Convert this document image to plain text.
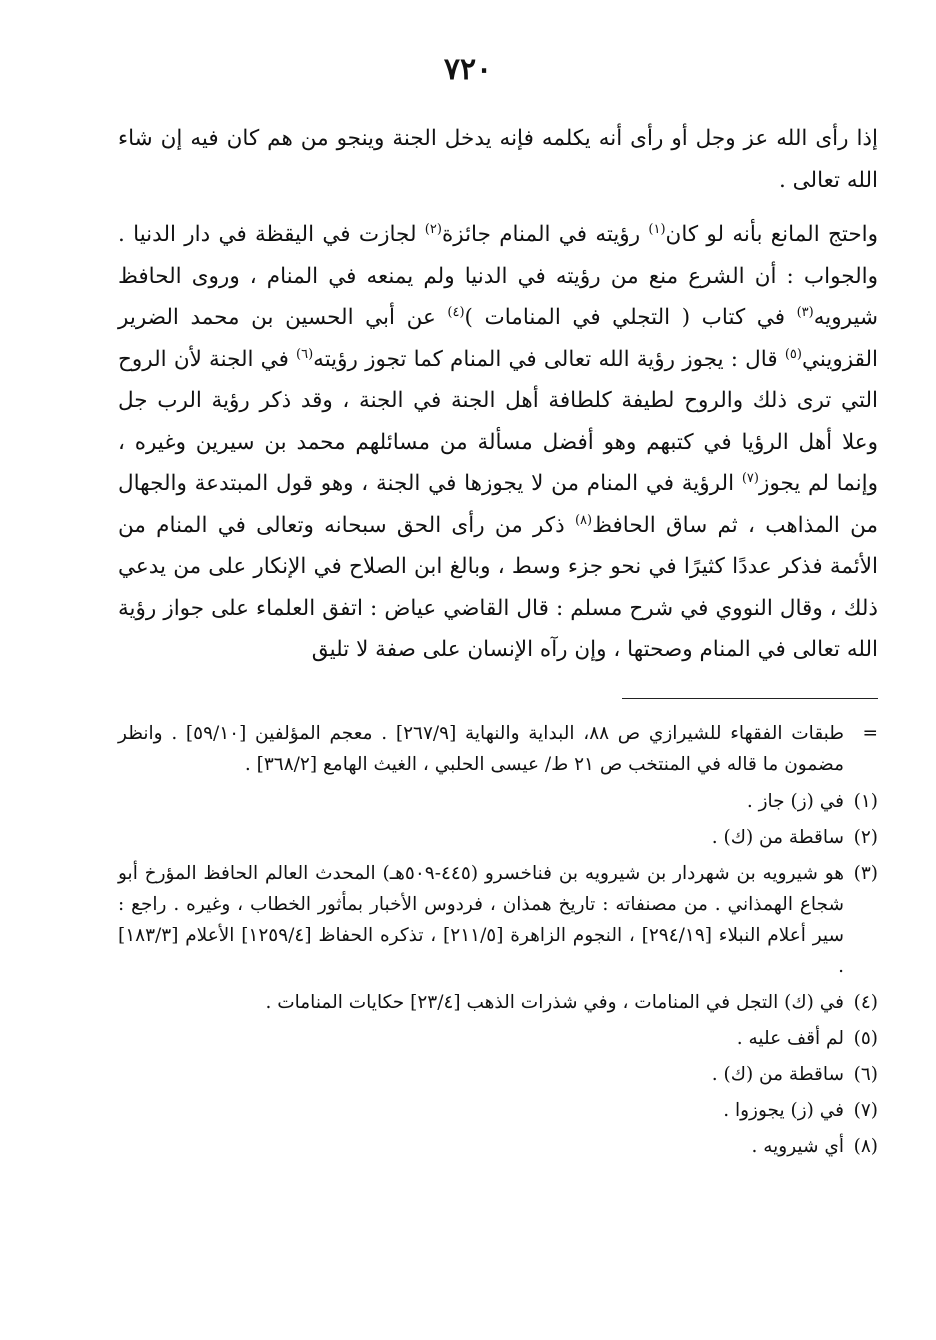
٧٢٠

إذا رأى الله عز وجل أو رأى أنه يكلمه فإنه يدخل الجنة وينجو من هم كان فيه إن شاء الله تعالى .

واحتج المانع بأنه لو كان$^{(١)}$ رؤيته في المنام جائزة$^{(٢)}$ لجازت في اليقظة في دار الدنيا . والجواب : أن الشرع منع من رؤيته في الدنيا ولم يمنعه في المنام ، وروى الحافظ شيرويه$^{(٣)}$ في كتاب ( التجلي في المنامات )$^{(٤)}$ عن أبي الحسين بن محمد الضرير القزويني$^{(٥)}$ قال : يجوز رؤية الله تعالى في المنام كما تجوز رؤيته$^{(٦)}$ في الجنة لأن الروح التي ترى ذلك والروح لطيفة كلطافة أهل الجنة في الجنة ، وقد ذكر رؤية الرب جل وعلا أهل الرؤيا في كتبهم وهو أفضل مسألة من مسائلهم محمد بن سيرين وغيره ، وإنما لم يجوز$^{(٧)}$ الرؤية في المنام من لا يجوزها في الجنة ، وهو قول المبتدعة والجهال من المذاهب ، ثم ساق الحافظ$^{(٨)}$ ذكر من رأى الحق سبحانه وتعالى في المنام من الأئمة فذكر عددًا كثيرًا في نحو جزء وسط ، وبالغ ابن الصلاح في الإنكار على من يدعي ذلك ، وقال النووي في شرح مسلم : قال القاضي عياض : اتفق العلماء على جواز رؤية الله تعالى في المنام وصحتها ، وإن رآه الإنسان على صفة لا تليق

=
طبقات الفقهاء للشيرازي ص ٨٨، البداية والنهاية [٢٦٧/٩] . معجم المؤلفين [٥٩/١٠] . وانظر مضمون ما قاله في المنتخب ص ٢١ ط/ عيسى الحلبي ، الغيث الهامع [٣٦٨/٢] .
(١)
في (ز) جاز .
(٢)
ساقطة من (ك) .
(٣)
هو شيرويه بن شهردار بن شيرويه بن فناخسرو (٤٤٥-٥٠٩هـ) المحدث العالم الحافظ المؤرخ أبو شجاع الهمذاني . من مصنفاته : تاريخ همذان ، فردوس الأخبار بمأثور الخطاب ، وغيره . راجع : سير أعلام النبلاء [٢٩٤/١٩] ، النجوم الزاهرة [٢١١/٥] ، تذكره الحفاظ [١٢٥٩/٤] الأعلام [١٨٣/٣] .
(٤)
في (ك) التجل في المنامات ، وفي شذرات الذهب [٢٣/٤] حكايات المنامات .
(٥)
لم أقف عليه .
(٦)
ساقطة من (ك) .
(٧)
في (ز) يجوزوا .
(٨)
أي شيرويه .
